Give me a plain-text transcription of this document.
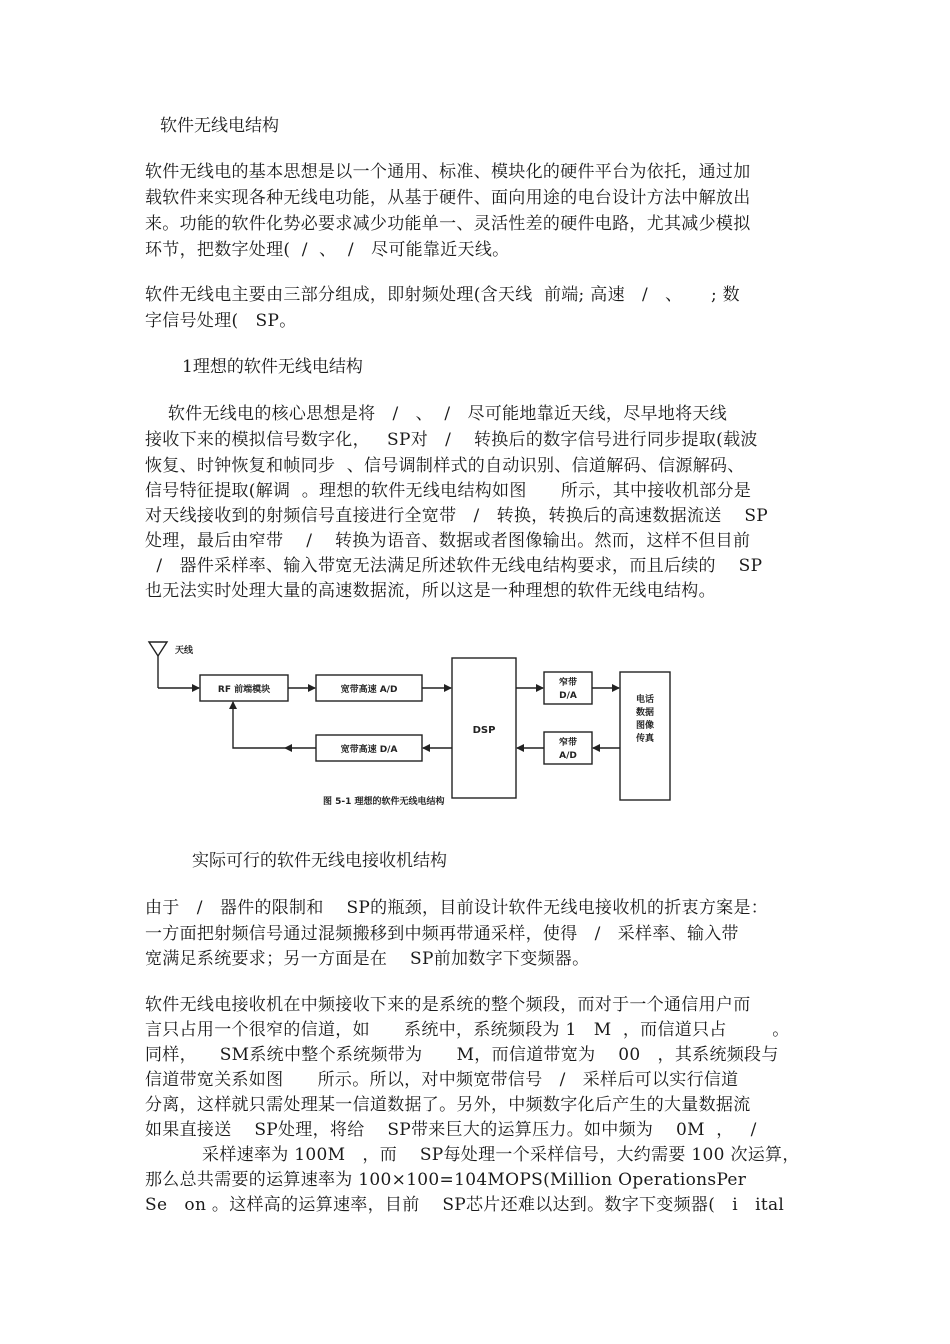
软件无线电结构
软件无线电的基本思想是以一个通用、标准、模块化的硬件平台为依托，通过加
载软件来实现各种无线电功能，从基于硬件、面向用途的电台设计方法中解放出
来。功能的软件化势必要求减少功能单一、灵活性差的硬件电路，尤其减少模拟
环节，把数字处理(  /  、  /   尽可能靠近天线。
软件无线电主要由三部分组成，即射频处理(含天线  前端; 高速   /   、     ; 数
字信号处理(   SP。
1理想的软件无线电结构
软件无线电的核心思想是将   /   、  /   尽可能地靠近天线，尽早地将天线
接收下来的模拟信号数字化，   SP对   /    转换后的数字信号进行同步提取(载波
恢复、时钟恢复和帧同步  、信号调制样式的自动识别、信道解码、信源解码、
信号特征提取(解调  。理想的软件无线电结构如图      所示，其中接收机部分是
对天线接收到的射频信号直接进行全宽带   /   转换，转换后的高速数据流送    SP
处理，最后由窄带    /    转换为语音、数据或者图像输出。然而，这样不但目前
/   器件采样率、输入带宽无法满足所述软件无线电结构要求，而且后续的    SP
也无法实时处理大量的高速数据流，所以这是一种理想的软件无线电结构。
天线
RF 前端模块	宽带高速 A/D
DSP
窄带
D/A	电话
数据
图像
传真
窄带
A/D
宽带高速 D/A
图 5-1 理想的软件无线电结构
实际可行的软件无线电接收机结构
由于   /   器件的限制和    SP的瓶颈，目前设计软件无线电接收机的折衷方案是：
一方面把射频信号通过混频搬移到中频再带通采样，使得   /   采样率、输入带
宽满足系统要求；另一方面是在    SP前加数字下变频器。
软件无线电接收机在中频接收下来的是系统的整个频段，而对于一个通信用户而
言只占用一个很窄的信道，如      系统中，系统频段为 1   M  ，而信道只占        。
同样，    SM系统中整个系统频带为      M，而信道带宽为    00   ，其系统频段与
信道带宽关系如图      所示。所以，对中频宽带信号   /   采样后可以实行信道
分离，这样就只需处理某一信道数据了。另外，中频数字化后产生的大量数据流
如果直接送    SP处理，将给    SP带来巨大的运算压力。如中频为    0M  ，   /
采样速率为 100M   ，而    SP每处理一个采样信号，大约需要 100 次运算，
那么总共需要的运算速率为 100×100=104MOPS(Million OperationsPer
Se   on 。这样高的运算速率，目前    SP芯片还难以达到。数字下变频器(   i   ital
